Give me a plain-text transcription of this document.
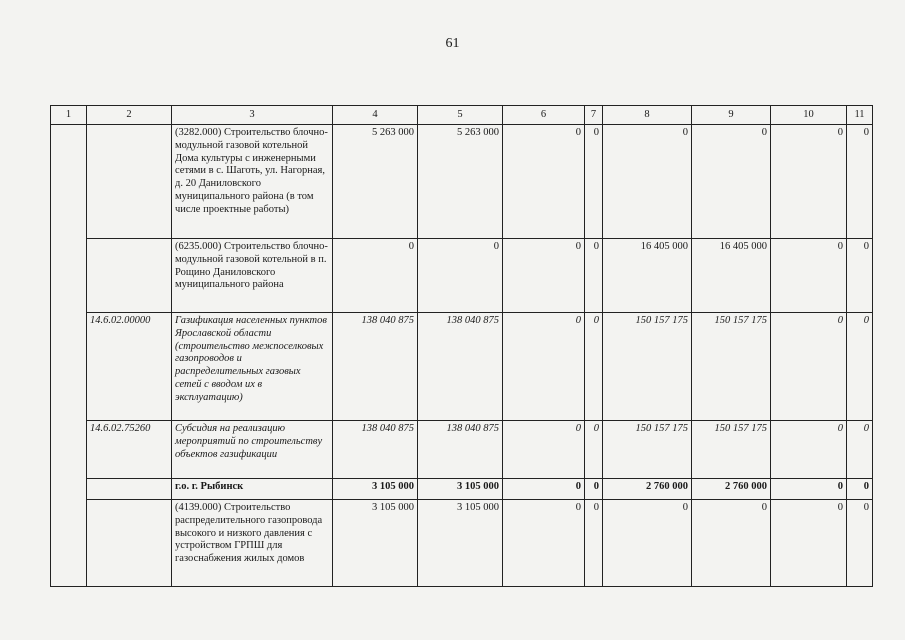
61
1	2	3	4	5	6	7	8	9	10	11
		(3282.000) Строительство блочно-модульной газовой котельной Дома культуры с инженерными сетями в с. Шаготь, ул. Нагорная, д. 20 Даниловского муниципального района (в том числе проектные работы)	5 263 000	5 263 000	0	0	0	0	0	0
		(6235.000) Строительство блочно-модульной газовой котельной в п. Рощино Даниловского муниципального района	0	0	0	0	16 405 000	16 405 000	0	0
	14.6.02.00000	Газификация населенных пунктов Ярославской области (строительство межпоселковых газопроводов и распределительных газовых сетей с вводом их в эксплуатацию)	138 040 875	138 040 875	0	0	150 157 175	150 157 175	0	0
	14.6.02.75260	Субсидия на реализацию мероприятий по строительству объектов газификации	138 040 875	138 040 875	0	0	150 157 175	150 157 175	0	0
		г.о. г. Рыбинск	3 105 000	3 105 000	0	0	2 760 000	2 760 000	0	0
		(4139.000) Строительство распределительного газопровода высокого и низкого давления с устройством ГРПШ для газоснабжения жилых домов	3 105 000	3 105 000	0	0	0	0	0	0
